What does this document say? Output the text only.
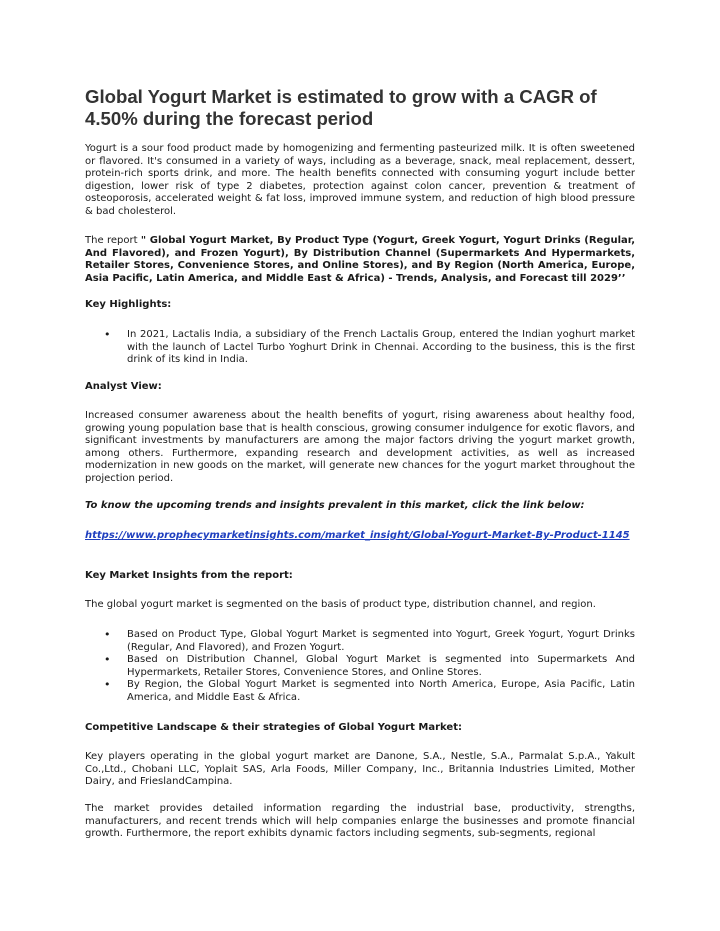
Global Yogurt Market is estimated to grow with a CAGR of 4.50% during the forecast period

Yogurt is a sour food product made by homogenizing and fermenting pasteurized milk. It is often sweetened or flavored. It's consumed in a variety of ways, including as a beverage, snack, meal replacement, dessert, protein-rich sports drink, and more. The health benefits connected with consuming yogurt include better digestion, lower risk of type 2 diabetes, protection against colon cancer, prevention & treatment of osteoporosis, accelerated weight & fat loss, improved immune system, and reduction of high blood pressure & bad cholesterol.

The report " Global Yogurt Market, By Product Type (Yogurt, Greek Yogurt, Yogurt Drinks (Regular, And Flavored), and Frozen Yogurt), By Distribution Channel (Supermarkets And Hypermarkets, Retailer Stores, Convenience Stores, and Online Stores), and By Region (North America, Europe, Asia Pacific, Latin America, and Middle East & Africa) - Trends, Analysis, and Forecast till 2029’’

Key Highlights:

• In 2021, Lactalis India, a subsidiary of the French Lactalis Group, entered the Indian yoghurt market with the launch of Lactel Turbo Yoghurt Drink in Chennai. According to the business, this is the first drink of its kind in India.

Analyst View:

Increased consumer awareness about the health benefits of yogurt, rising awareness about healthy food, growing young population base that is health conscious, growing consumer indulgence for exotic flavors, and significant investments by manufacturers are among the major factors driving the yogurt market growth, among others. Furthermore, expanding research and development activities, as well as increased modernization in new goods on the market, will generate new chances for the yogurt market throughout the projection period.

To know the upcoming trends and insights prevalent in this market, click the link below:

https://www.prophecymarketinsights.com/market_insight/Global-Yogurt-Market-By-Product-1145

Key Market Insights from the report:

The global yogurt market is segmented on the basis of product type, distribution channel, and region.

• Based on Product Type, Global Yogurt Market is segmented into Yogurt, Greek Yogurt, Yogurt Drinks (Regular, And Flavored), and Frozen Yogurt.
• Based on Distribution Channel, Global Yogurt Market is segmented into Supermarkets And Hypermarkets, Retailer Stores, Convenience Stores, and Online Stores.
• By Region, the Global Yogurt Market is segmented into North America, Europe, Asia Pacific, Latin America, and Middle East & Africa.

Competitive Landscape & their strategies of Global Yogurt Market:

Key players operating in the global yogurt market are Danone, S.A., Nestle, S.A., Parmalat S.p.A., Yakult Co.,Ltd., Chobani LLC, Yoplait SAS, Arla Foods, Miller Company, Inc., Britannia Industries Limited, Mother Dairy, and FrieslandCampina.

The market provides detailed information regarding the industrial base, productivity, strengths, manufacturers, and recent trends which will help companies enlarge the businesses and promote financial growth. Furthermore, the report exhibits dynamic factors including segments, sub-segments, regional
